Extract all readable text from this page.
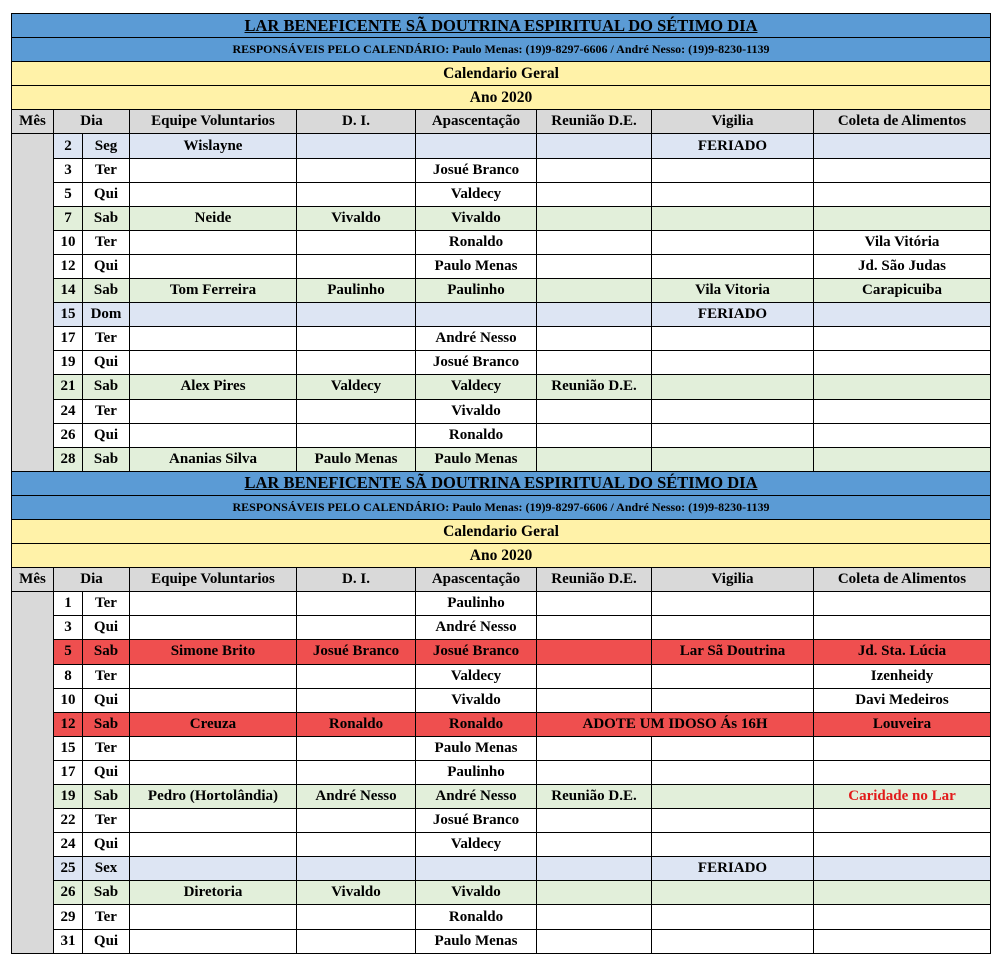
LAR BENEFICENTE SÃ DOUTRINA ESPIRITUAL DO SÉTIMO DIA								
RESPONSÁVEIS PELO CALENDÁRIO: Paulo Menas: (19)9-8297-6606 / André Nesso: (19)9-8230-1139								
Calendario Geral								
Ano 2020								
Mês	Dia		Equipe Voluntarios	D. I.	Apascentação	Reunião D.E.	Vigilia	Coleta de Alimentos
	2	Seg	Wislayne				FERIADO	
	3	Ter			Josué Branco			
	5	Qui			Valdecy			
	7	Sab	Neide	Vivaldo	Vivaldo			
	10	Ter			Ronaldo			Vila Vitória
	12	Qui			Paulo Menas			Jd. São Judas
	14	Sab	Tom Ferreira	Paulinho	Paulinho		Vila Vitoria	Carapicuiba
	15	Dom					FERIADO	
	17	Ter			André Nesso			
	19	Qui			Josué Branco			
	21	Sab	Alex Pires	Valdecy	Valdecy	Reunião D.E.		
	24	Ter			Vivaldo			
	26	Qui			Ronaldo			
	28	Sab	Ananias Silva	Paulo Menas	Paulo Menas			
LAR BENEFICENTE SÃ DOUTRINA ESPIRITUAL DO SÉTIMO DIA								
RESPONSÁVEIS PELO CALENDÁRIO: Paulo Menas: (19)9-8297-6606 / André Nesso: (19)9-8230-1139								
Calendario Geral								
Ano 2020								
Mês	Dia		Equipe Voluntarios	D. I.	Apascentação	Reunião D.E.	Vigilia	Coleta de Alimentos
DEZEMBRO	1	Ter			Paulinho			
	3	Qui			André Nesso			
	5	Sab	Simone Brito	Josué Branco	Josué Branco		Lar Sã Doutrina	Jd. Sta. Lúcia
	8	Ter			Valdecy			Izenheidy
	10	Qui			Vivaldo			Davi Medeiros
	12	Sab	Creuza	Ronaldo	Ronaldo	ADOTE UM IDOSO Ás 16H		Louveira
	15	Ter			Paulo Menas			
	17	Qui			Paulinho			
	19	Sab	Pedro (Hortolândia)	André Nesso	André Nesso	Reunião D.E.		Caridade no Lar
	22	Ter			Josué Branco			
	24	Qui			Valdecy			
	25	Sex					FERIADO	
	26	Sab	Diretoria	Vivaldo	Vivaldo			
	29	Ter			Ronaldo			
	31	Qui			Paulo Menas			
